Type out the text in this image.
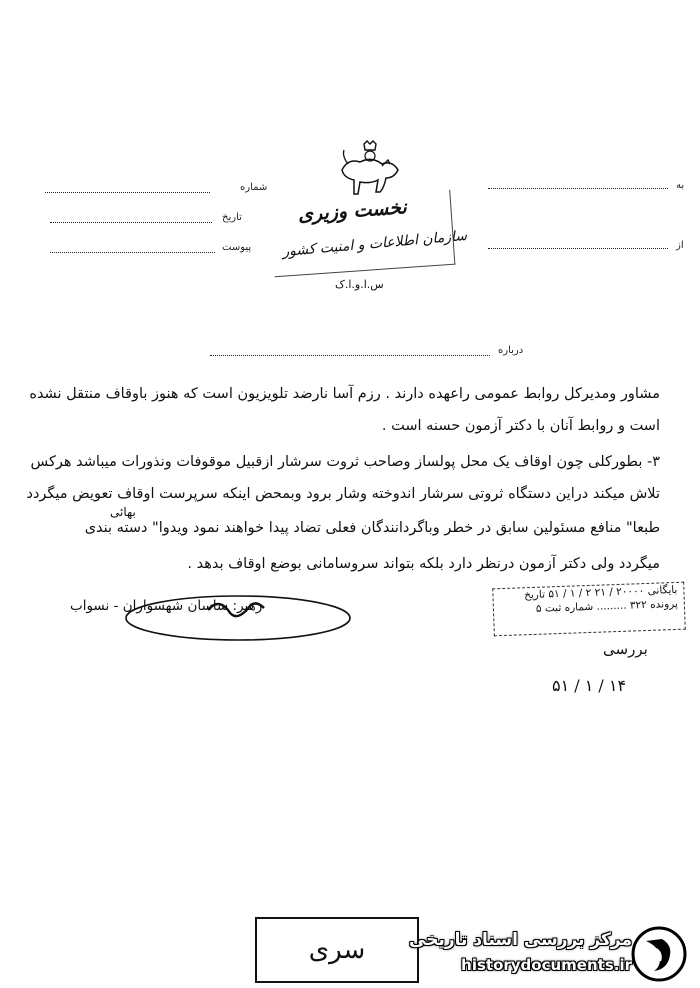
نخست وزیری
سازمان اطلاعات و امنیت کشور
س.ا.و.ا.ک
شماره
تاریخ
پیوست
به
از
درباره
مشاور ومدیرکل روابط عمومی راعهده دارند . رزم آسا نارضد تلویزیون است که هنوز باوقاف منتقل نشده
است و روابط آنان با دکتر آزمون حسنه است .
۳- بطورکلی چون اوقاف یک محل پولساز وصاحب ثروت سرشار ازقبیل موقوفات ونذورات میباشد هرکس
تلاش میکند دراین دستگاه ثروتی سرشار اندوخته وشار برود وبمحض اینکه سرپرست اوقاف تعویض میگردد
بهائی
طبعا" منافع مسئولین سابق در خطر وباگردانندگان فعلی تضاد پیدا خواهند نمود ویدوا" دسته بندی
میگردد ولی دکتر آزمون درنظر دارد بلکه بتواند سروسامانی بوضع اوقاف بدهد .
رهبر: ساسان شهسواران - نسواب
بایگانی ۲۰۰۰۰ / ۲۱ ۲ / ۱ / ۵۱ تاریخ
پرونده ۳۲۲ ......... شماره ثبت ۵
بررسی
۱۴ / ۱ / ۵۱
سری	مرکز بررسی اسناد تاریخی
historydocuments.ir
